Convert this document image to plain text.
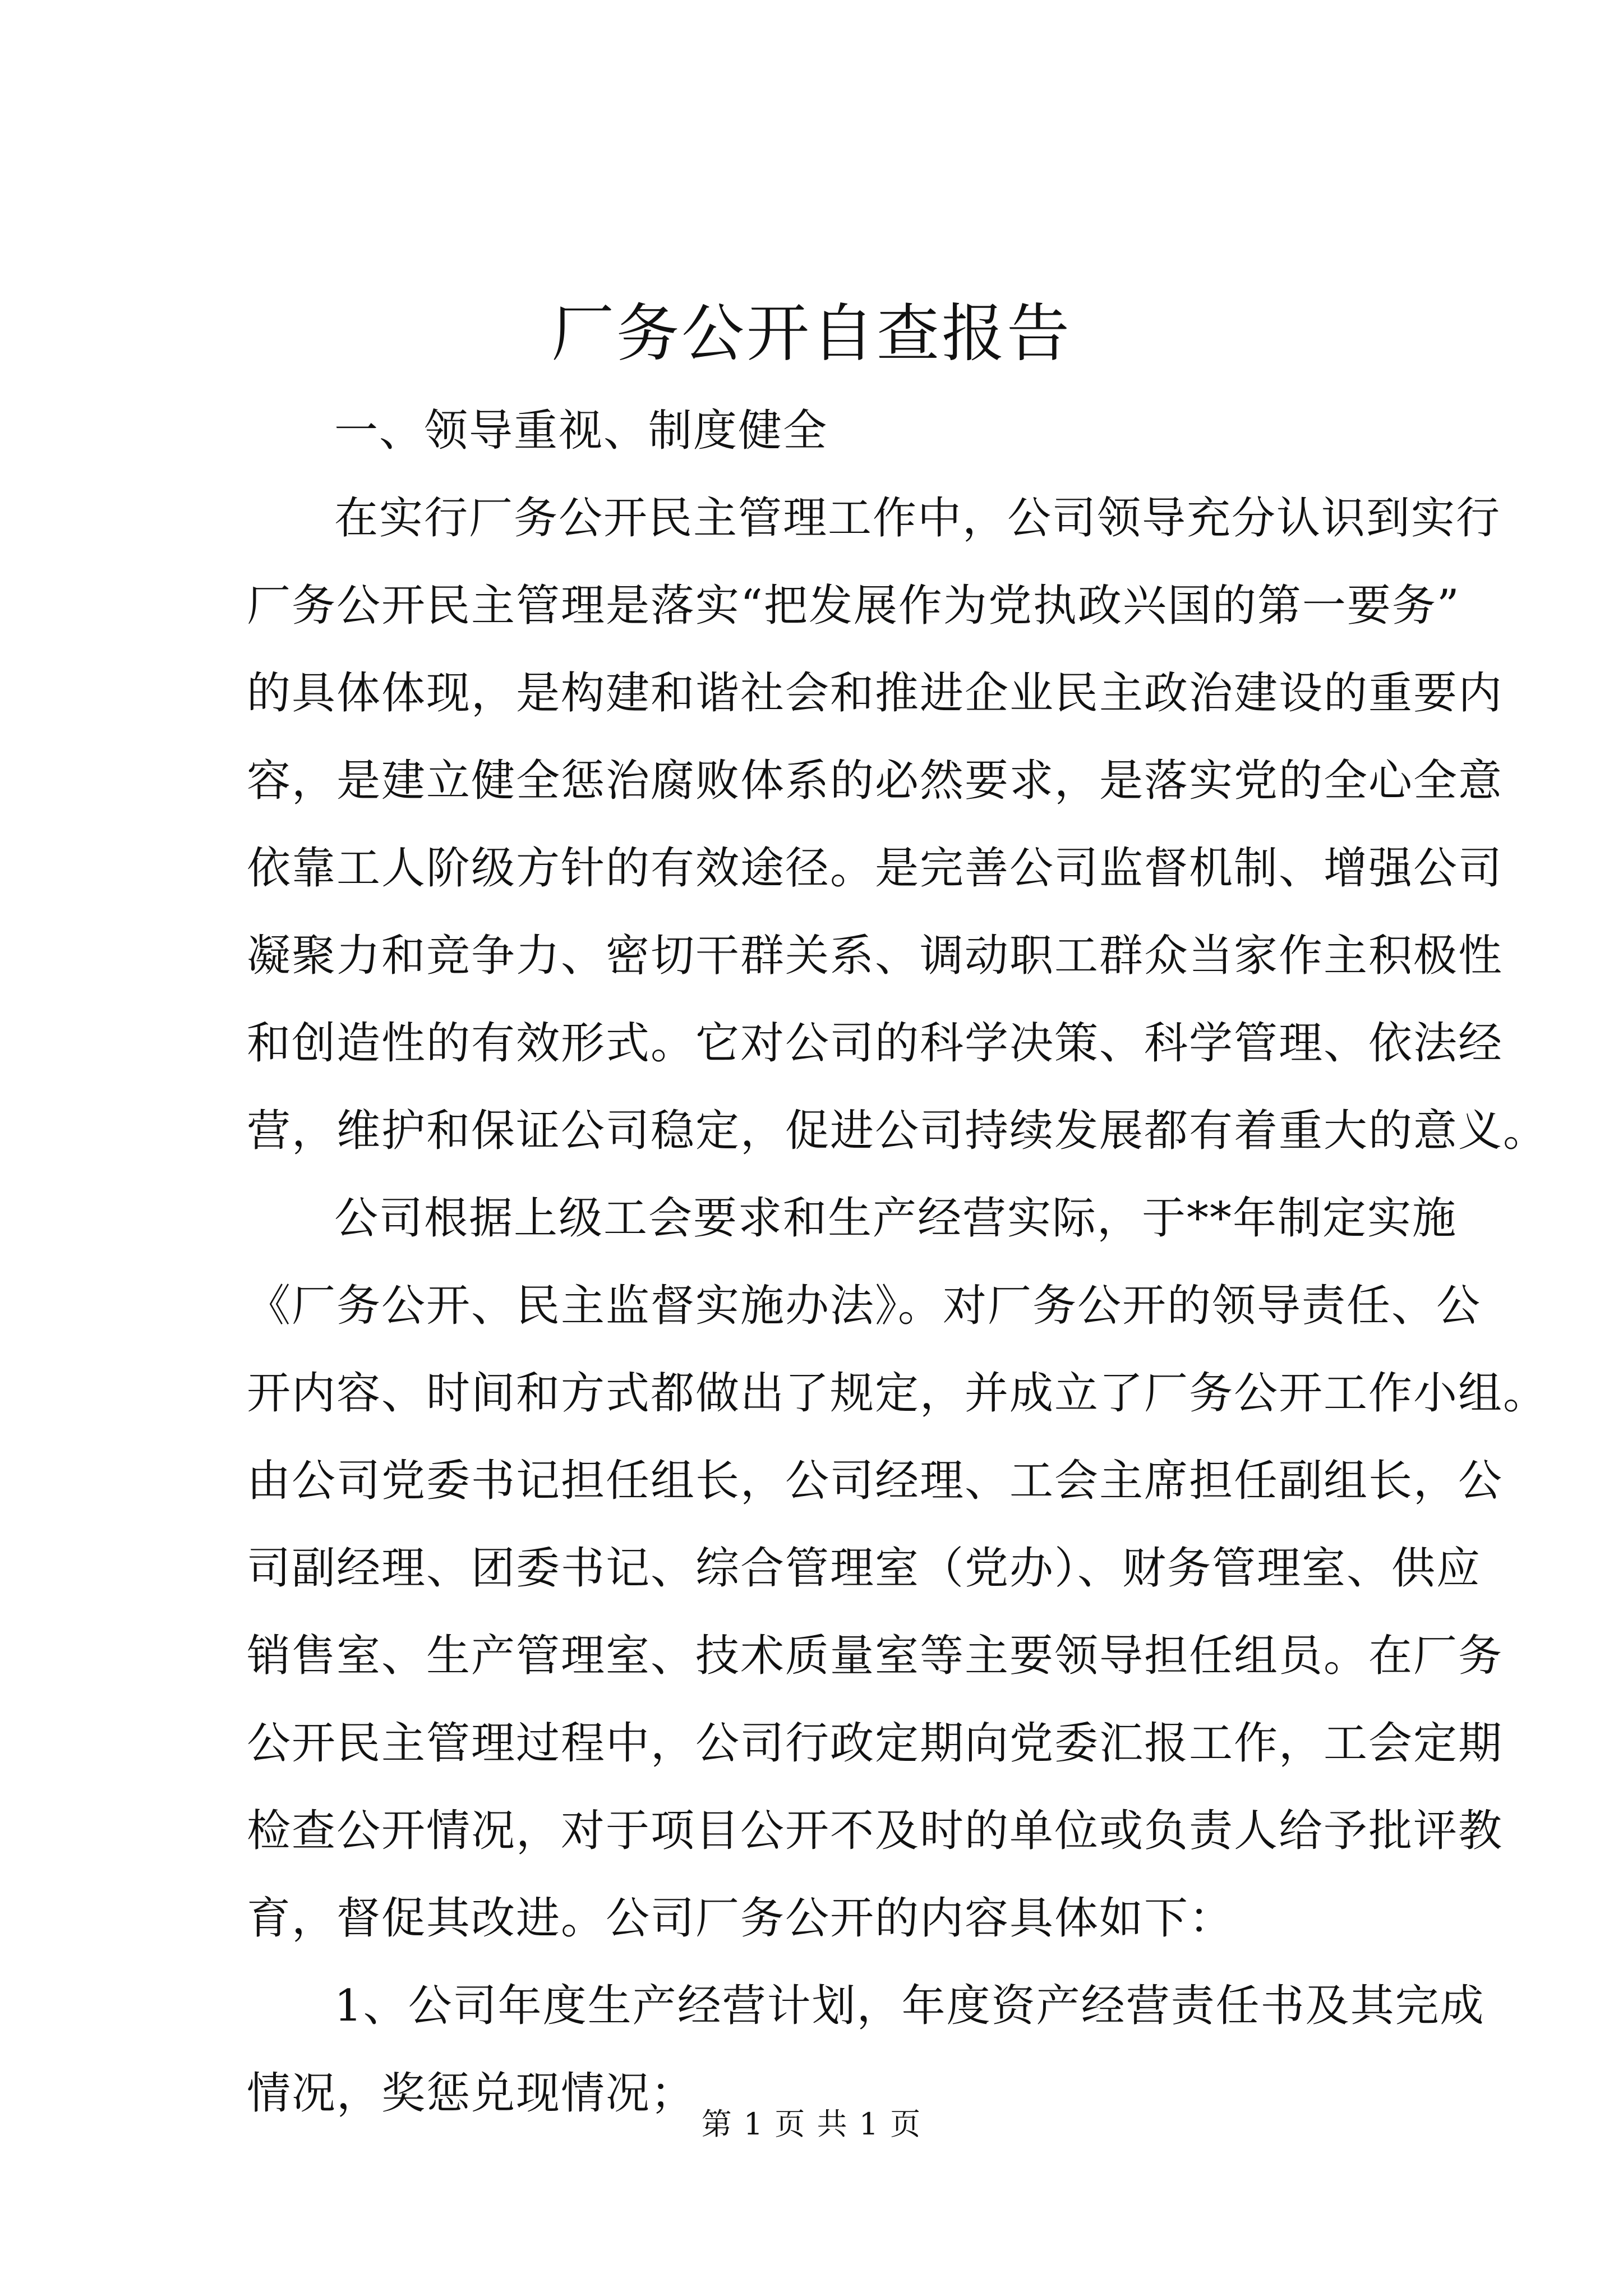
厂务公开自查报告
一、领导重视、制度健全
在实行厂务公开民主管理工作中，公司领导充分认识到实行
厂务公开民主管理是落实“把发展作为党执政兴国的第一要务”
的具体体现，是构建和谐社会和推进企业民主政治建设的重要内
容，是建立健全惩治腐败体系的必然要求，是落实党的全心全意
依靠工人阶级方针的有效途径。是完善公司监督机制、增强公司
凝聚力和竞争力、密切干群关系、调动职工群众当家作主积极性
和创造性的有效形式。它对公司的科学决策、科学管理、依法经
营，维护和保证公司稳定，促进公司持续发展都有着重大的意义。
公司根据上级工会要求和生产经营实际，于**年制定实施
《厂务公开、民主监督实施办法》。对厂务公开的领导责任、公
开内容、时间和方式都做出了规定，并成立了厂务公开工作小组。
由公司党委书记担任组长，公司经理、工会主席担任副组长，公
司副经理、团委书记、综合管理室（党办）、财务管理室、供应
销售室、生产管理室、技术质量室等主要领导担任组员。在厂务
公开民主管理过程中，公司行政定期向党委汇报工作，工会定期
检查公开情况，对于项目公开不及时的单位或负责人给予批评教
育，督促其改进。公司厂务公开的内容具体如下：
1、公司年度生产经营计划，年度资产经营责任书及其完成
情况，奖惩兑现情况；
第 1 页 共 1 页
